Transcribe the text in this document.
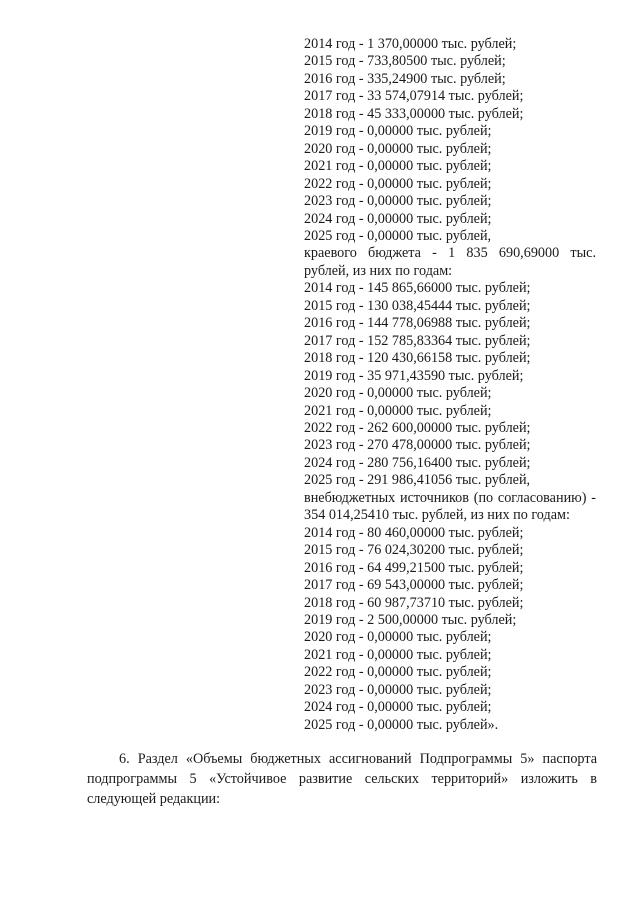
2014 год - 1 370,00000 тыс. рублей;
2015 год - 733,80500 тыс. рублей;
2016 год - 335,24900 тыс. рублей;
2017 год - 33 574,07914 тыс. рублей;
2018 год - 45 333,00000 тыс. рублей;
2019 год - 0,00000 тыс. рублей;
2020 год - 0,00000 тыс. рублей;
2021 год - 0,00000 тыс. рублей;
2022 год - 0,00000 тыс. рублей;
2023 год - 0,00000 тыс. рублей;
2024 год - 0,00000 тыс. рублей;
2025 год - 0,00000 тыс. рублей,
краевого бюджета - 1 835 690,69000 тыс. рублей, из них по годам:
2014 год - 145 865,66000 тыс. рублей;
2015 год - 130 038,45444 тыс. рублей;
2016 год - 144 778,06988 тыс. рублей;
2017 год - 152 785,83364 тыс. рублей;
2018 год - 120 430,66158 тыс. рублей;
2019 год - 35 971,43590 тыс. рублей;
2020 год - 0,00000 тыс. рублей;
2021 год - 0,00000 тыс. рублей;
2022 год - 262 600,00000 тыс. рублей;
2023 год - 270 478,00000 тыс. рублей;
2024 год - 280 756,16400 тыс. рублей;
2025 год - 291 986,41056 тыс. рублей,
внебюджетных источников (по согласованию) - 354 014,25410 тыс. рублей, из них по годам:
2014 год - 80 460,00000 тыс. рублей;
2015 год - 76 024,30200 тыс. рублей;
2016 год - 64 499,21500 тыс. рублей;
2017 год - 69 543,00000 тыс. рублей;
2018 год - 60 987,73710 тыс. рублей;
2019 год - 2 500,00000 тыс. рублей;
2020 год - 0,00000 тыс. рублей;
2021 год - 0,00000 тыс. рублей;
2022 год - 0,00000 тыс. рублей;
2023 год - 0,00000 тыс. рублей;
2024 год - 0,00000 тыс. рублей;
2025 год - 0,00000 тыс. рублей».
6. Раздел «Объемы бюджетных ассигнований Подпрограммы 5» паспорта подпрограммы 5 «Устойчивое развитие сельских территорий» изложить в следующей редакции:
